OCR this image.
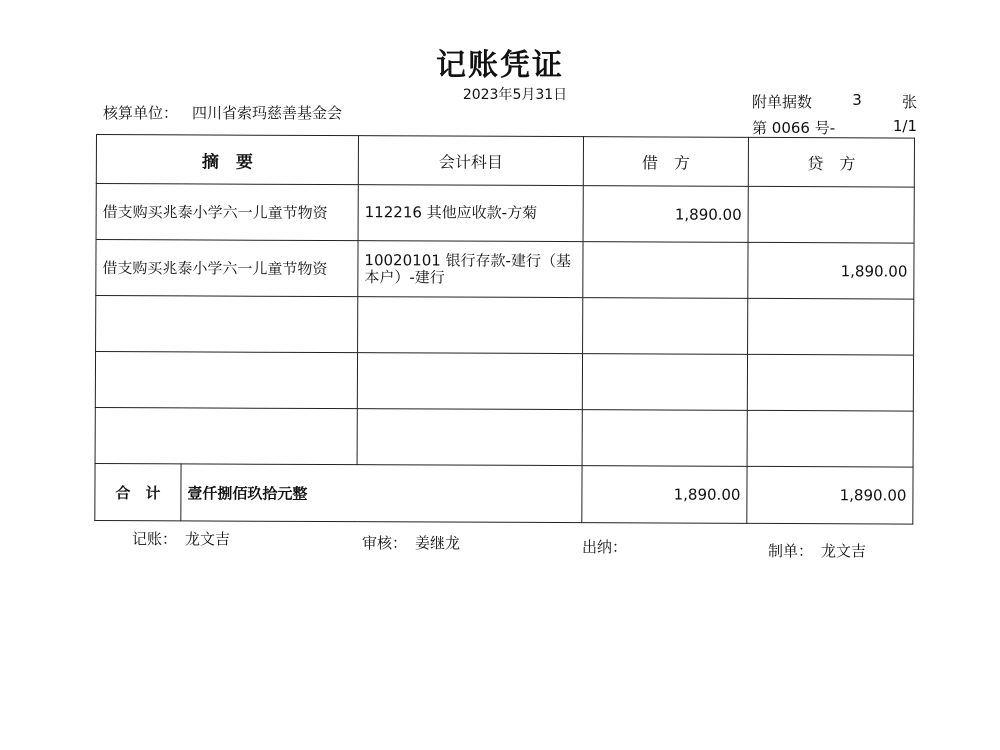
记账凭证
2023年5月31日
核算单位： 四川省索玛慈善基金会
附单据数	3	张
第 0066 号-	1/1
摘　要		会计科目	借　方	贷　方
借支购买兆泰小学六一儿童节物资		112216 其他应收款-方菊	1,890.00	
借支购买兆泰小学六一儿童节物资		10020101 银行存款-建行（基本户）-建行		1,890.00

合　计	壹仟捌佰玖拾元整		1,890.00	1,890.00
记账： 龙文吉	审核： 姜继龙	出纳：	制单： 龙文吉
